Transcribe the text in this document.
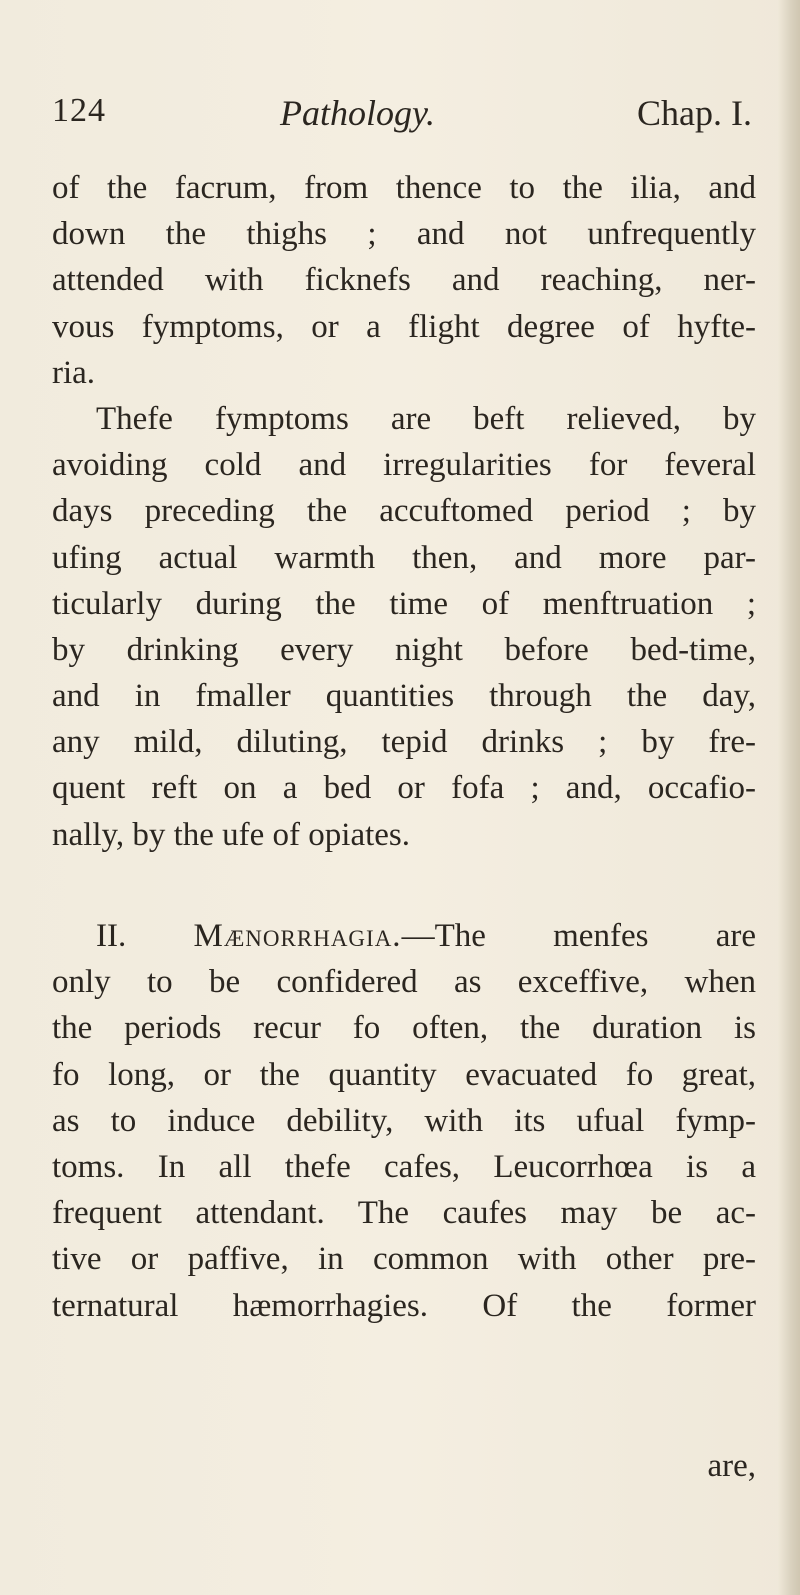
124	Pathology.	Chap. I.
of the facrum, from thence to the ilia, and
down the thighs ; and not unfrequently
attended with ficknefs and reaching, ner-
vous fymptoms, or a flight degree of hyfte-
ria.
Thefe fymptoms are beft relieved, by
avoiding cold and irregularities for feveral
days preceding the accuftomed period ; by
ufing actual warmth then, and more par-
ticularly during the time of menftruation ;
by drinking every night before bed-time,
and in fmaller quantities through the day,
any mild, diluting, tepid drinks ; by fre-
quent reft on a bed or fofa ; and, occafio-
nally, by the ufe of opiates.
II. Mænorrhagia.—The menfes are
only to be confidered as exceffive, when
the periods recur fo often, the duration is
fo long, or the quantity evacuated fo great,
as to induce debility, with its ufual fymp-
toms. In all thefe cafes, Leucorrhœa is a
frequent attendant. The caufes may be ac-
tive or paffive, in common with other pre-
ternatural hæmorrhagies. Of the former
are,
